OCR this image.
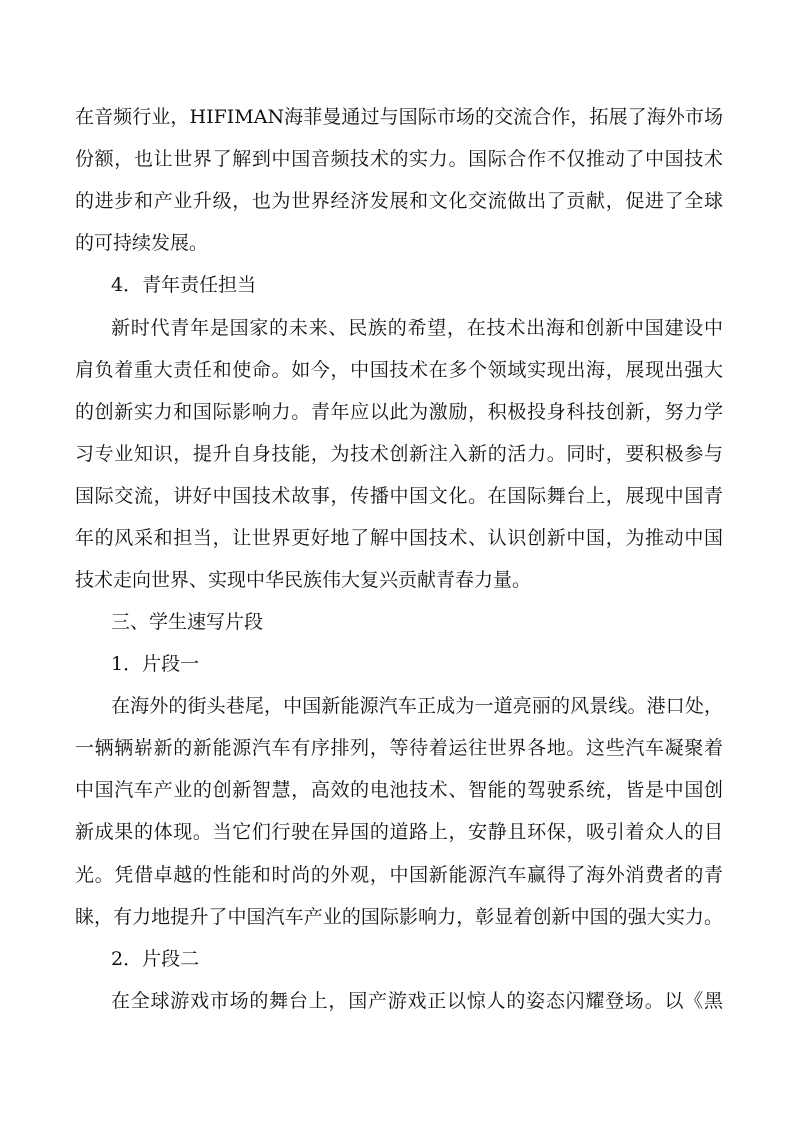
在音频行业，HIFIMAN海菲曼通过与国际市场的交流合作，拓展了海外市场
份额，也让世界了解到中国音频技术的实力。国际合作不仅推动了中国技术
的进步和产业升级，也为世界经济发展和文化交流做出了贡献，促进了全球
的可持续发展。
4．青年责任担当
新时代青年是国家的未来、民族的希望，在技术出海和创新中国建设中
肩负着重大责任和使命。如今，中国技术在多个领域实现出海，展现出强大
的创新实力和国际影响力。青年应以此为激励，积极投身科技创新，努力学
习专业知识，提升自身技能，为技术创新注入新的活力。同时，要积极参与
国际交流，讲好中国技术故事，传播中国文化。在国际舞台上，展现中国青
年的风采和担当，让世界更好地了解中国技术、认识创新中国，为推动中国
技术走向世界、实现中华民族伟大复兴贡献青春力量。
三、学生速写片段
1．片段一
在海外的街头巷尾，中国新能源汽车正成为一道亮丽的风景线。港口处，
一辆辆崭新的新能源汽车有序排列，等待着运往世界各地。这些汽车凝聚着
中国汽车产业的创新智慧，高效的电池技术、智能的驾驶系统，皆是中国创
新成果的体现。当它们行驶在异国的道路上，安静且环保，吸引着众人的目
光。凭借卓越的性能和时尚的外观，中国新能源汽车赢得了海外消费者的青
睐，有力地提升了中国汽车产业的国际影响力，彰显着创新中国的强大实力。
2．片段二
在全球游戏市场的舞台上，国产游戏正以惊人的姿态闪耀登场。以《黑
